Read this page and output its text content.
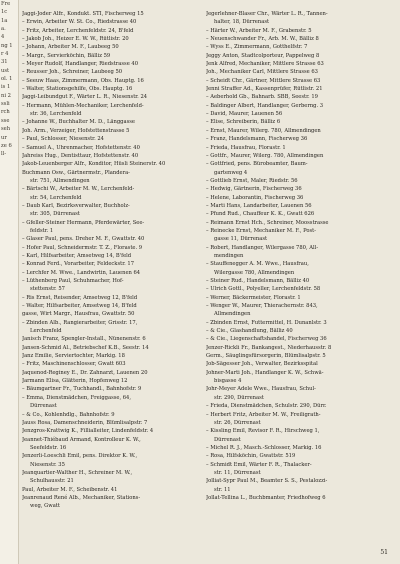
Fre
1c
1a
a.
4
ng 1
r 4
31
ust
ol. 1
is 1
ni 2
ssli
rch
sse
seh
ur
ze 6
ll-
Jaggi-Joder Alfr., Kondukt. STI, Fischerweg 15
– Erwin, Arbeiter W. St. Co., Riedstrasse 40
– Fritz, Arbeiter, Lerchenfeldstr. 24, B'feld
– Jakob Joh., Heizer E. W. W., Rütlistr. 20
– Johann, Arbeiter M. F., Laubeeg 50
– Margr., Servierköchin, Bälliz 59
– Meyer Rudolf, Handlanger, Riedstrasse 40
– Reusser Joh., Schreiner, Laubeeg 50
– Seeuw Haas, Zimmermann, Obs. Hauptg. 16
– Walter, Stationsgehilfe, Obs. Hauptg. 16
Jaggi-Leibundgut F., Wärter L. R., Niesenstr. 24
– Hermann, Mühlen-Mechaniker, Lerchenfeld-
str. 36, Lerchenfeld
– Johanne W., Buchhalter M. D., Länggasse
Joh. Arm., Verzeiger, Hofstettenstrasse 5
– Paul, Schlosser, Niesenstr. 24
– Samuel A., Uhrenmacher, Hofstettenstr. 40
Jahreiss Hug., Dentisttaur, Hofstettenstr. 40
Jakob-Leuenberger Alfr., Konditor, Hüsli Steinerstr. 40
Buchmann Osw., Gärtnermstr., Plandera-
str. 751, Allmendingen
– Bärtschi W., Arbeiter M. W., Lerchenfeld-
str. 54, Lerchenfeld
– Daub Karl, Bezirksverwalter, Buchholz-
str. 305, Dürrenast
– Gfeller-Steiner Hermann, Pferdewärter, See-
feldstr. 1
– Glaser Paul, pens. Dreher M. F., Gwattstr. 40
– Hofer Paul, Schneidermstr. T. Z., Floraste. 9
– Karl, Hilfsarbeiter, Amsetweg 14, B'feld
– Konrad Ferd., Vorarbeiter, Feldeckstr. 17
– Lerchfer M. Wwe., Landwirtin, Lauenen 64
– Lüthenberg Paul, Schuhmacher, Hof-
stettenstr. 57
– Ris Ernst, Reisender, Amsetweg 12, B'feld
– Walter, Hilfsarbeiter, Amsetweg 14, B'feld
gasse, Wirt Margr., Hausfrau, Gwattstr. 50
– Zbinden Alb., Rangierarbeiter, Grisstr. 17,
Lerchenfeld
Janisch Franz, Spengler-Install., Nünenenstr. 6
Jansen-Schmid Al., Betriebschef K.B., Seestr. 14
Janz Emilie, Serviertochter, Markig. 18
– Fritz, Maschinenschlosser, Gwatt 603
Jaquenod-Reginey E., Dr. Zahnarzt, Lauenen 20
Jarmann Elisa, Glätterin, Hopfenweg 12
– Bäumgartner Fr., Tuchhandl., Bahnhofstr. 9
– Emma, Dienstmädchen, Freiggasse, 64,
Dürrenast
– & Co., Kohlenhdlg., Bahnhofstr. 9
Jauss Rosa, Damenschneiderin, Blümlisalpstr. 7
Jenzgros-Krattwig K., Fillialleiter, Lindenfeldstr. 4
Jeannet-Thiébaud Armand, Kontrolleur K. W.,
Seefeldstr. 16
Jenzerli-Loeschli Emil, pens. Direktor K. W.,
Niesenstr. 35
Jeanquartier-Walther H., Schreiner M. W.,
Schulhausstr. 21
Paul, Arbeiter M. F., Scheibenstr. 41
Jeanrenaud René Alb., Mechaniker, Stations-
weg, Gwatt
Jegerlehner-Blaser Chr., Wärter L. R., Tannen-
halter, 18, Dürrenast
– Härter W., Arbeiter M. F., Grabenstr. 5
– Neuenschwander Fr., Arb. M. W., Bälliz 8
– Wyss E., Zimmermann, Gotthelfstr. 7
Jeggy Anton, Stadtcolporteur, Pappelweg 8
Jenk Alfred, Mechaniker, Mittlere Strasse 63
Joh., Mechaniker Carl, Mittlere Strasse 63
– Scheidt Chr., Gärtner, Mittlere Strasse 63
Jenni Straffer Ad., Kassenprüfer, Rütlistr. 21
– Aeberhold Gb., Bahnarb. SBB, Seestr. 19
– Baldinger Albert, Handlanger, Gerberng. 3
– David, Maurer, Lauenen 56
– Elise, Schreiberin, Bälliz 6
– Ernst, Maurer, Wilerg. 780, Allmendingen
– Franz, Handelsmann, Fischerweg 36
– Frieda, Hausfrau, Florastr. 1
– Gottfr., Maurer, Wilerg. 780, Allmendingen
– Gottfried, pens. Bürobeamter, Baum-
gartenweg 4
– Gottlieb Ernst, Maler, Riedstr. 56
– Hedwig, Gärtnerin, Fischerweg 36
– Helene, Laborantin, Fischerweg 36
– Marti Hans, Landarbeiter, Lauenen 56
– Pfund Rud., Chauffeur K. K., Gwatt 626
– Reimann Ernst Hch., Schreiner, Moosstrasse
– Reinecke Ernst, Mechaniker M. F., Post-
gasse 11, Dürrenast
– Robert, Handlanger, Wilergasse 780, All-
mendingen
– Stauffenegger A. M. Wwe., Hausfrau,
Wilergasse 780, Allmendingen
– Steiner Rud., Handelsmann, Bälliz 40
– Ulrich Gottl., Polyeller, Lerchenfeldstr. 58
– Werner, Bäckermeister, Florastr. 1
– Wenger W., Maurer, Thierachernstr. 843,
Allmendingen
– Zbinden Ernst, Futtermittel, H. Dunanlstr. 3
– & Cie., Glashandlung, Bälliz 40
– & Cie., Liegenschaftshandel, Fischerweg 36
Jenzer-Rickli Fr., Bankangest., Niederhausstr. 8
Germ., Säuglingsfürsorgerin, Blümlisalpstr. 5
Job-Sägesser Joh., Verwalter, Bezirksspital
Johner-Marti Joh., Handlanger K. W., Schwä-
bisgasse 4
Johr-Meyer Adele Wwe., Hausfrau, Schul-
str. 290, Dürrenast
– Frieda, Dienstmädchen, Schulstr. 290, Dürr.
– Herbert Fritz, Arbeiter M. W., Freiligrath-
str. 26, Dürrenast
– Kissling Emil, Revisor F. R., Hirschweg 1,
Dürrenast
– Michel R. J., Masch.-Schlosser, Markig. 16
– Rosa, Hilfsköchin, Gwattstr. 519
– Schmidt Emil, Wärter F. R., Thalacker-
str. 11, Dürrenast
Jolliat-Sypr Paul M., Beamter S. S., Pestalozzi-
str. 11
Jollat-Tellina L., Buchbmanter, Friedhofweg 6
51
